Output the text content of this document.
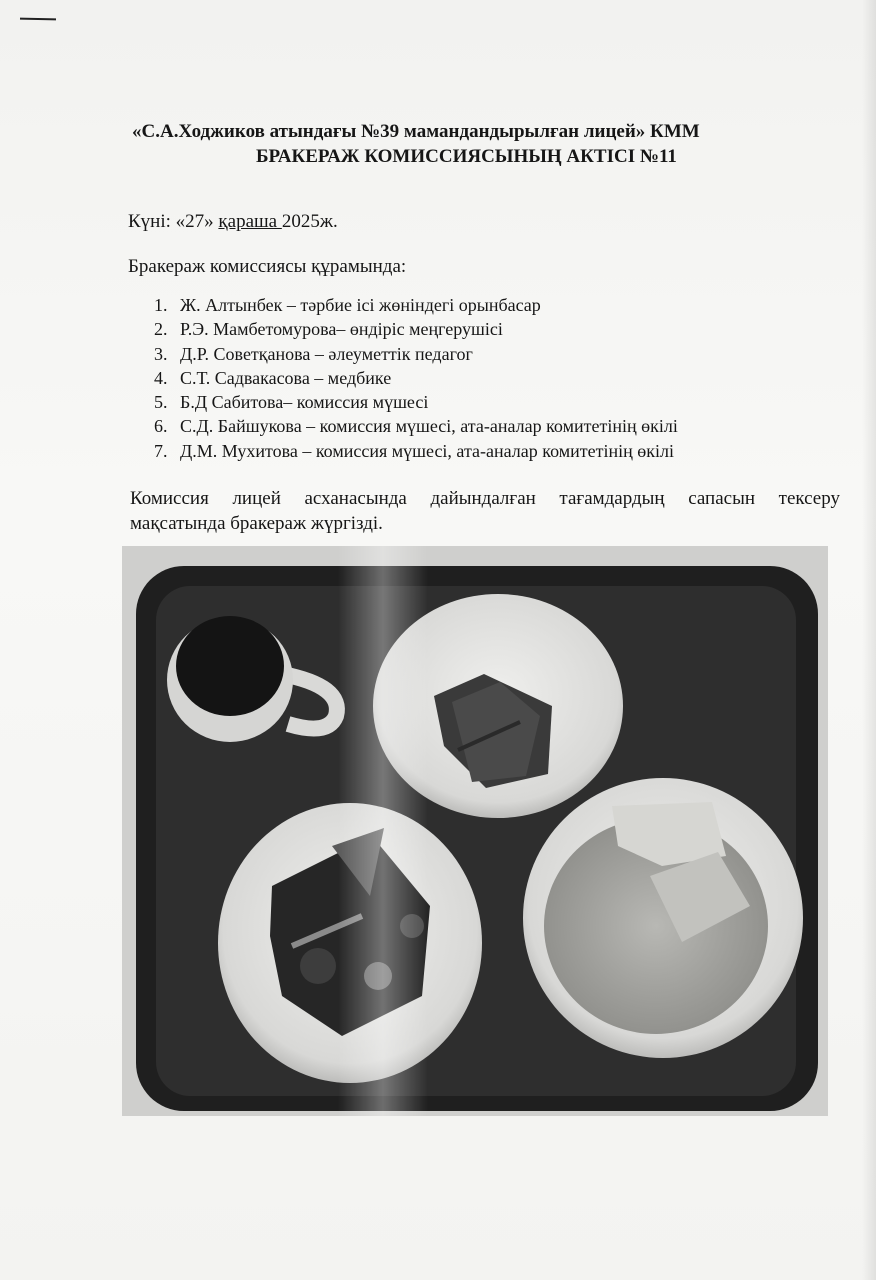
«С.А.Ходжиков атындағы №39 мамандандырылған лицей» КММ
БРАКЕРАЖ КОМИССИЯСЫНЫҢ АКТІСІ №11
Күні: «27» қараша 2025ж.
Бракераж комиссиясы құрамында:
1. Ж. Алтынбек – тәрбие ісі жөніндегі орынбасар
2. Р.Э. Мамбетомурова– өндіріс меңгерушісі
3. Д.Р. Советқанова – әлеуметтік педагог
4. С.Т. Садвакасова – медбике
5. Б.Д Сабитова– комиссия мүшесі
6. С.Д. Байшукова – комиссия мүшесі, ата-аналар комитетінің өкілі
7. Д.М. Мухитова – комиссия мүшесі, ата-аналар комитетінің өкілі
Комиссия лицей асханасында дайындалған тағамдардың сапасын тексеру
мақсатында бракераж жүргізді.
